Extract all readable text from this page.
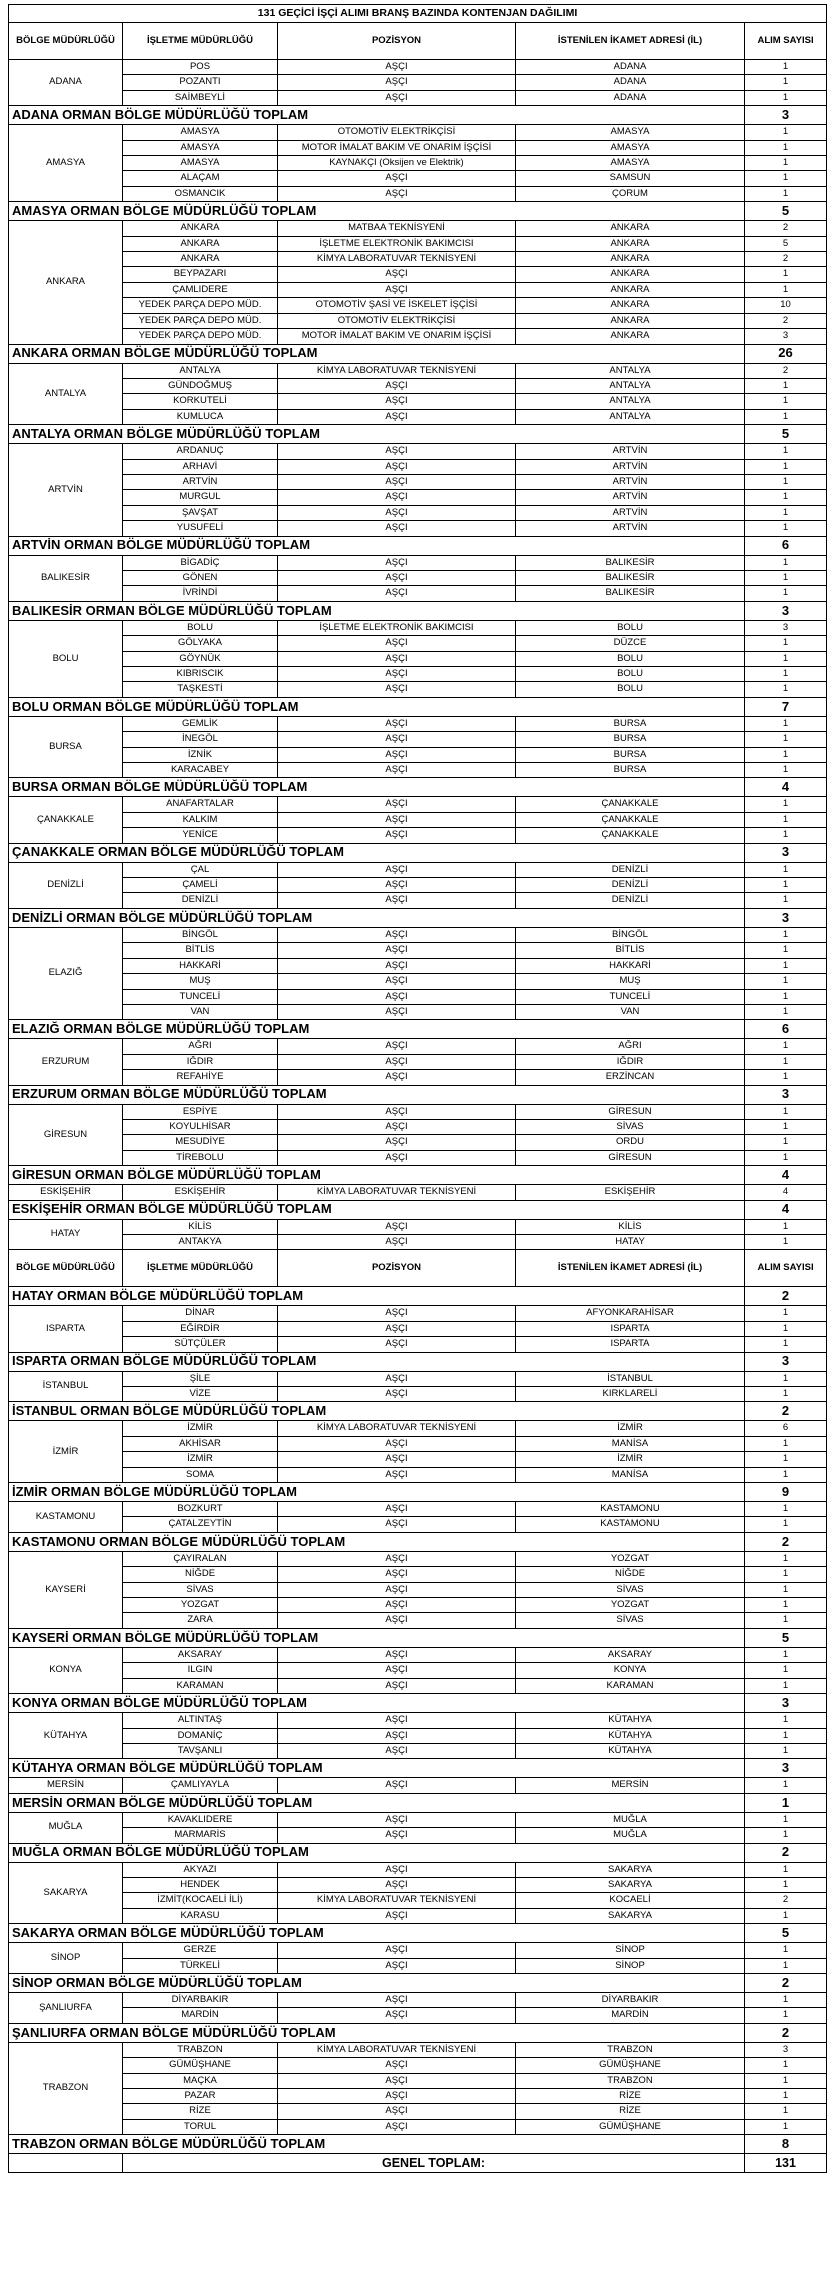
131 GEÇİCİ İŞÇİ ALIMI BRANŞ BAZINDA KONTENJAN DAĞILIMI				
BÖLGE MÜDÜRLÜĞÜ	İŞLETME MÜDÜRLÜĞÜ	POZİSYON	İSTENİLEN İKAMET ADRESİ (İL)	ALIM SAYISI
ADANA	POS	AŞÇI	ADANA	1
	POZANTI	AŞÇI	ADANA	1
	SAİMBEYLİ	AŞÇI	ADANA	1
ADANA ORMAN BÖLGE MÜDÜRLÜĞÜ TOPLAM				3
AMASYA	AMASYA	OTOMOTİV ELEKTRİKÇİSİ	AMASYA	1
	AMASYA	MOTOR İMALAT BAKIM VE ONARIM İŞÇİSİ	AMASYA	1
	AMASYA	KAYNAKÇI (Oksijen ve Elektrik)	AMASYA	1
	ALAÇAM	AŞÇI	SAMSUN	1
	OSMANCIK	AŞÇI	ÇORUM	1
AMASYA ORMAN BÖLGE MÜDÜRLÜĞÜ TOPLAM				5
ANKARA	ANKARA	MATBAA TEKNİSYENİ	ANKARA	2
	ANKARA	İŞLETME ELEKTRONİK BAKIMCISI	ANKARA	5
	ANKARA	KİMYA LABORATUVAR TEKNİSYENİ	ANKARA	2
	BEYPAZARI	AŞÇI	ANKARA	1
	ÇAMLIDERE	AŞÇI	ANKARA	1
	YEDEK PARÇA DEPO MÜD.	OTOMOTİV ŞASİ VE İSKELET İŞÇİSİ	ANKARA	10
	YEDEK PARÇA DEPO MÜD.	OTOMOTİV ELEKTRİKÇİSİ	ANKARA	2
	YEDEK PARÇA DEPO MÜD.	MOTOR İMALAT BAKIM VE ONARIM İŞÇİSİ	ANKARA	3
ANKARA ORMAN BÖLGE MÜDÜRLÜĞÜ TOPLAM				26
ANTALYA	ANTALYA	KİMYA LABORATUVAR TEKNİSYENİ	ANTALYA	2
	GÜNDOĞMUŞ	AŞÇI	ANTALYA	1
	KORKUTELİ	AŞÇI	ANTALYA	1
	KUMLUCA	AŞÇI	ANTALYA	1
ANTALYA ORMAN BÖLGE MÜDÜRLÜĞÜ TOPLAM				5
ARTVİN	ARDANUÇ	AŞÇI	ARTVİN	1
	ARHAVİ	AŞÇI	ARTVİN	1
	ARTVİN	AŞÇI	ARTVİN	1
	MURGUL	AŞÇI	ARTVİN	1
	ŞAVŞAT	AŞÇI	ARTVİN	1
	YUSUFELİ	AŞÇI	ARTVİN	1
ARTVİN ORMAN BÖLGE MÜDÜRLÜĞÜ TOPLAM				6
BALIKESİR	BİGADİÇ	AŞÇI	BALIKESİR	1
	GÖNEN	AŞÇI	BALIKESİR	1
	İVRİNDİ	AŞÇI	BALIKESİR	1
BALIKESİR ORMAN BÖLGE MÜDÜRLÜĞÜ TOPLAM				3
BOLU	BOLU	İŞLETME ELEKTRONİK BAKIMCISI	BOLU	3
	GÖLYAKA	AŞÇI	DÜZCE	1
	GÖYNÜK	AŞÇI	BOLU	1
	KIBRISCIK	AŞÇI	BOLU	1
	TAŞKESTİ	AŞÇI	BOLU	1
BOLU ORMAN BÖLGE MÜDÜRLÜĞÜ TOPLAM				7
BURSA	GEMLİK	AŞÇI	BURSA	1
	İNEGÖL	AŞÇI	BURSA	1
	İZNİK	AŞÇI	BURSA	1
	KARACABEY	AŞÇI	BURSA	1
BURSA ORMAN BÖLGE MÜDÜRLÜĞÜ TOPLAM				4
ÇANAKKALE	ANAFARTALAR	AŞÇI	ÇANAKKALE	1
	KALKIM	AŞÇI	ÇANAKKALE	1
	YENİCE	AŞÇI	ÇANAKKALE	1
ÇANAKKALE ORMAN BÖLGE MÜDÜRLÜĞÜ TOPLAM				3
DENİZLİ	ÇAL	AŞÇI	DENİZLİ	1
	ÇAMELİ	AŞÇI	DENİZLİ	1
	DENİZLİ	AŞÇI	DENİZLİ	1
DENİZLİ ORMAN BÖLGE MÜDÜRLÜĞÜ TOPLAM				3
ELAZIĞ	BİNGÖL	AŞÇI	BİNGÖL	1
	BİTLİS	AŞÇI	BİTLİS	1
	HAKKARİ	AŞÇI	HAKKARİ	1
	MUŞ	AŞÇI	MUŞ	1
	TUNCELİ	AŞÇI	TUNCELİ	1
	VAN	AŞÇI	VAN	1
ELAZIĞ ORMAN BÖLGE MÜDÜRLÜĞÜ TOPLAM				6
ERZURUM	AĞRI	AŞÇI	AĞRI	1
	IĞDIR	AŞÇI	IĞDIR	1
	REFAHİYE	AŞÇI	ERZİNCAN	1
ERZURUM ORMAN BÖLGE MÜDÜRLÜĞÜ TOPLAM				3
GİRESUN	ESPİYE	AŞÇI	GİRESUN	1
	KOYULHİSAR	AŞÇI	SİVAS	1
	MESUDİYE	AŞÇI	ORDU	1
	TİREBOLU	AŞÇI	GİRESUN	1
GİRESUN ORMAN BÖLGE MÜDÜRLÜĞÜ TOPLAM				4
ESKİŞEHİR	ESKİŞEHİR	KİMYA LABORATUVAR TEKNİSYENİ	ESKİŞEHİR	4
ESKİŞEHİR ORMAN BÖLGE MÜDÜRLÜĞÜ TOPLAM				4
HATAY	KİLİS	AŞÇI	KİLİS	1
	ANTAKYA	AŞÇI	HATAY	1
BÖLGE MÜDÜRLÜĞÜ	İŞLETME MÜDÜRLÜĞÜ	POZİSYON	İSTENİLEN İKAMET ADRESİ (İL)	ALIM SAYISI
HATAY ORMAN BÖLGE MÜDÜRLÜĞÜ TOPLAM				2
ISPARTA	DİNAR	AŞÇI	AFYONKARAHİSAR	1
	EĞİRDİR	AŞÇI	ISPARTA	1
	SÜTÇÜLER	AŞÇI	ISPARTA	1
ISPARTA ORMAN BÖLGE MÜDÜRLÜĞÜ TOPLAM				3
İSTANBUL	ŞİLE	AŞÇI	İSTANBUL	1
	VİZE	AŞÇI	KIRKLARELİ	1
İSTANBUL ORMAN BÖLGE MÜDÜRLÜĞÜ TOPLAM				2
İZMİR	İZMİR	KİMYA LABORATUVAR TEKNİSYENİ	İZMİR	6
	AKHİSAR	AŞÇI	MANİSA	1
	İZMİR	AŞÇI	İZMİR	1
	SOMA	AŞÇI	MANİSA	1
İZMİR ORMAN BÖLGE MÜDÜRLÜĞÜ TOPLAM				9
KASTAMONU	BOZKURT	AŞÇI	KASTAMONU	1
	ÇATALZEYTİN	AŞÇI	KASTAMONU	1
KASTAMONU ORMAN BÖLGE MÜDÜRLÜĞÜ TOPLAM				2
KAYSERİ	ÇAYIRALAN	AŞÇI	YOZGAT	1
	NİĞDE	AŞÇI	NİĞDE	1
	SİVAS	AŞÇI	SİVAS	1
	YOZGAT	AŞÇI	YOZGAT	1
	ZARA	AŞÇI	SİVAS	1
KAYSERİ ORMAN BÖLGE MÜDÜRLÜĞÜ TOPLAM				5
KONYA	AKSARAY	AŞÇI	AKSARAY	1
	ILGIN	AŞÇI	KONYA	1
	KARAMAN	AŞÇI	KARAMAN	1
KONYA ORMAN BÖLGE MÜDÜRLÜĞÜ TOPLAM				3
KÜTAHYA	ALTINTAŞ	AŞÇI	KÜTAHYA	1
	DOMANİÇ	AŞÇI	KÜTAHYA	1
	TAVŞANLI	AŞÇI	KÜTAHYA	1
KÜTAHYA ORMAN BÖLGE MÜDÜRLÜĞÜ TOPLAM				3
MERSİN	ÇAMLIYAYLA	AŞÇI	MERSİN	1
MERSİN ORMAN BÖLGE MÜDÜRLÜĞÜ TOPLAM				1
MUĞLA	KAVAKLIDERE	AŞÇI	MUĞLA	1
	MARMARİS	AŞÇI	MUĞLA	1
MUĞLA ORMAN BÖLGE MÜDÜRLÜĞÜ TOPLAM				2
SAKARYA	AKYAZI	AŞÇI	SAKARYA	1
	HENDEK	AŞÇI	SAKARYA	1
	İZMİT(KOCAELİ İLİ)	KİMYA LABORATUVAR TEKNİSYENİ	KOCAELİ	2
	KARASU	AŞÇI	SAKARYA	1
SAKARYA ORMAN BÖLGE MÜDÜRLÜĞÜ TOPLAM				5
SİNOP	GERZE	AŞÇI	SİNOP	1
	TÜRKELİ	AŞÇI	SİNOP	1
SİNOP ORMAN BÖLGE MÜDÜRLÜĞÜ TOPLAM				2
ŞANLIURFA	DİYARBAKIR	AŞÇI	DİYARBAKIR	1
	MARDİN	AŞÇI	MARDİN	1
ŞANLIURFA ORMAN BÖLGE MÜDÜRLÜĞÜ TOPLAM				2
TRABZON	TRABZON	KİMYA LABORATUVAR TEKNİSYENİ	TRABZON	3
	GÜMÜŞHANE	AŞÇI	GÜMÜŞHANE	1
	MAÇKA	AŞÇI	TRABZON	1
	PAZAR	AŞÇI	RİZE	1
	RİZE	AŞÇI	RİZE	1
	TORUL	AŞÇI	GÜMÜŞHANE	1
TRABZON ORMAN BÖLGE MÜDÜRLÜĞÜ TOPLAM				8
	GENEL TOPLAM:			131
